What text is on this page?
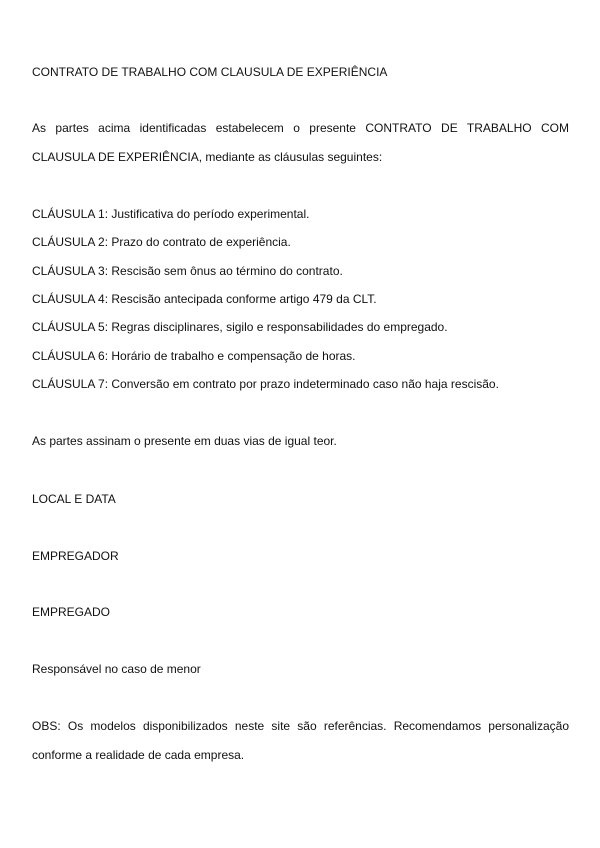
CONTRATO DE TRABALHO COM CLAUSULA DE EXPERIÊNCIA
As partes acima identificadas estabelecem o presente CONTRATO DE TRABALHO COM CLAUSULA DE EXPERIÊNCIA, mediante as cláusulas seguintes:
CLÁUSULA 1: Justificativa do período experimental.
CLÁUSULA 2: Prazo do contrato de experiência.
CLÁUSULA 3: Rescisão sem ônus ao término do contrato.
CLÁUSULA 4: Rescisão antecipada conforme artigo 479 da CLT.
CLÁUSULA 5: Regras disciplinares, sigilo e responsabilidades do empregado.
CLÁUSULA 6: Horário de trabalho e compensação de horas.
CLÁUSULA 7: Conversão em contrato por prazo indeterminado caso não haja rescisão.
As partes assinam o presente em duas vias de igual teor.
LOCAL E DATA
EMPREGADOR
EMPREGADO
Responsável no caso de menor
OBS: Os modelos disponibilizados neste site são referências. Recomendamos personalização conforme a realidade de cada empresa.
